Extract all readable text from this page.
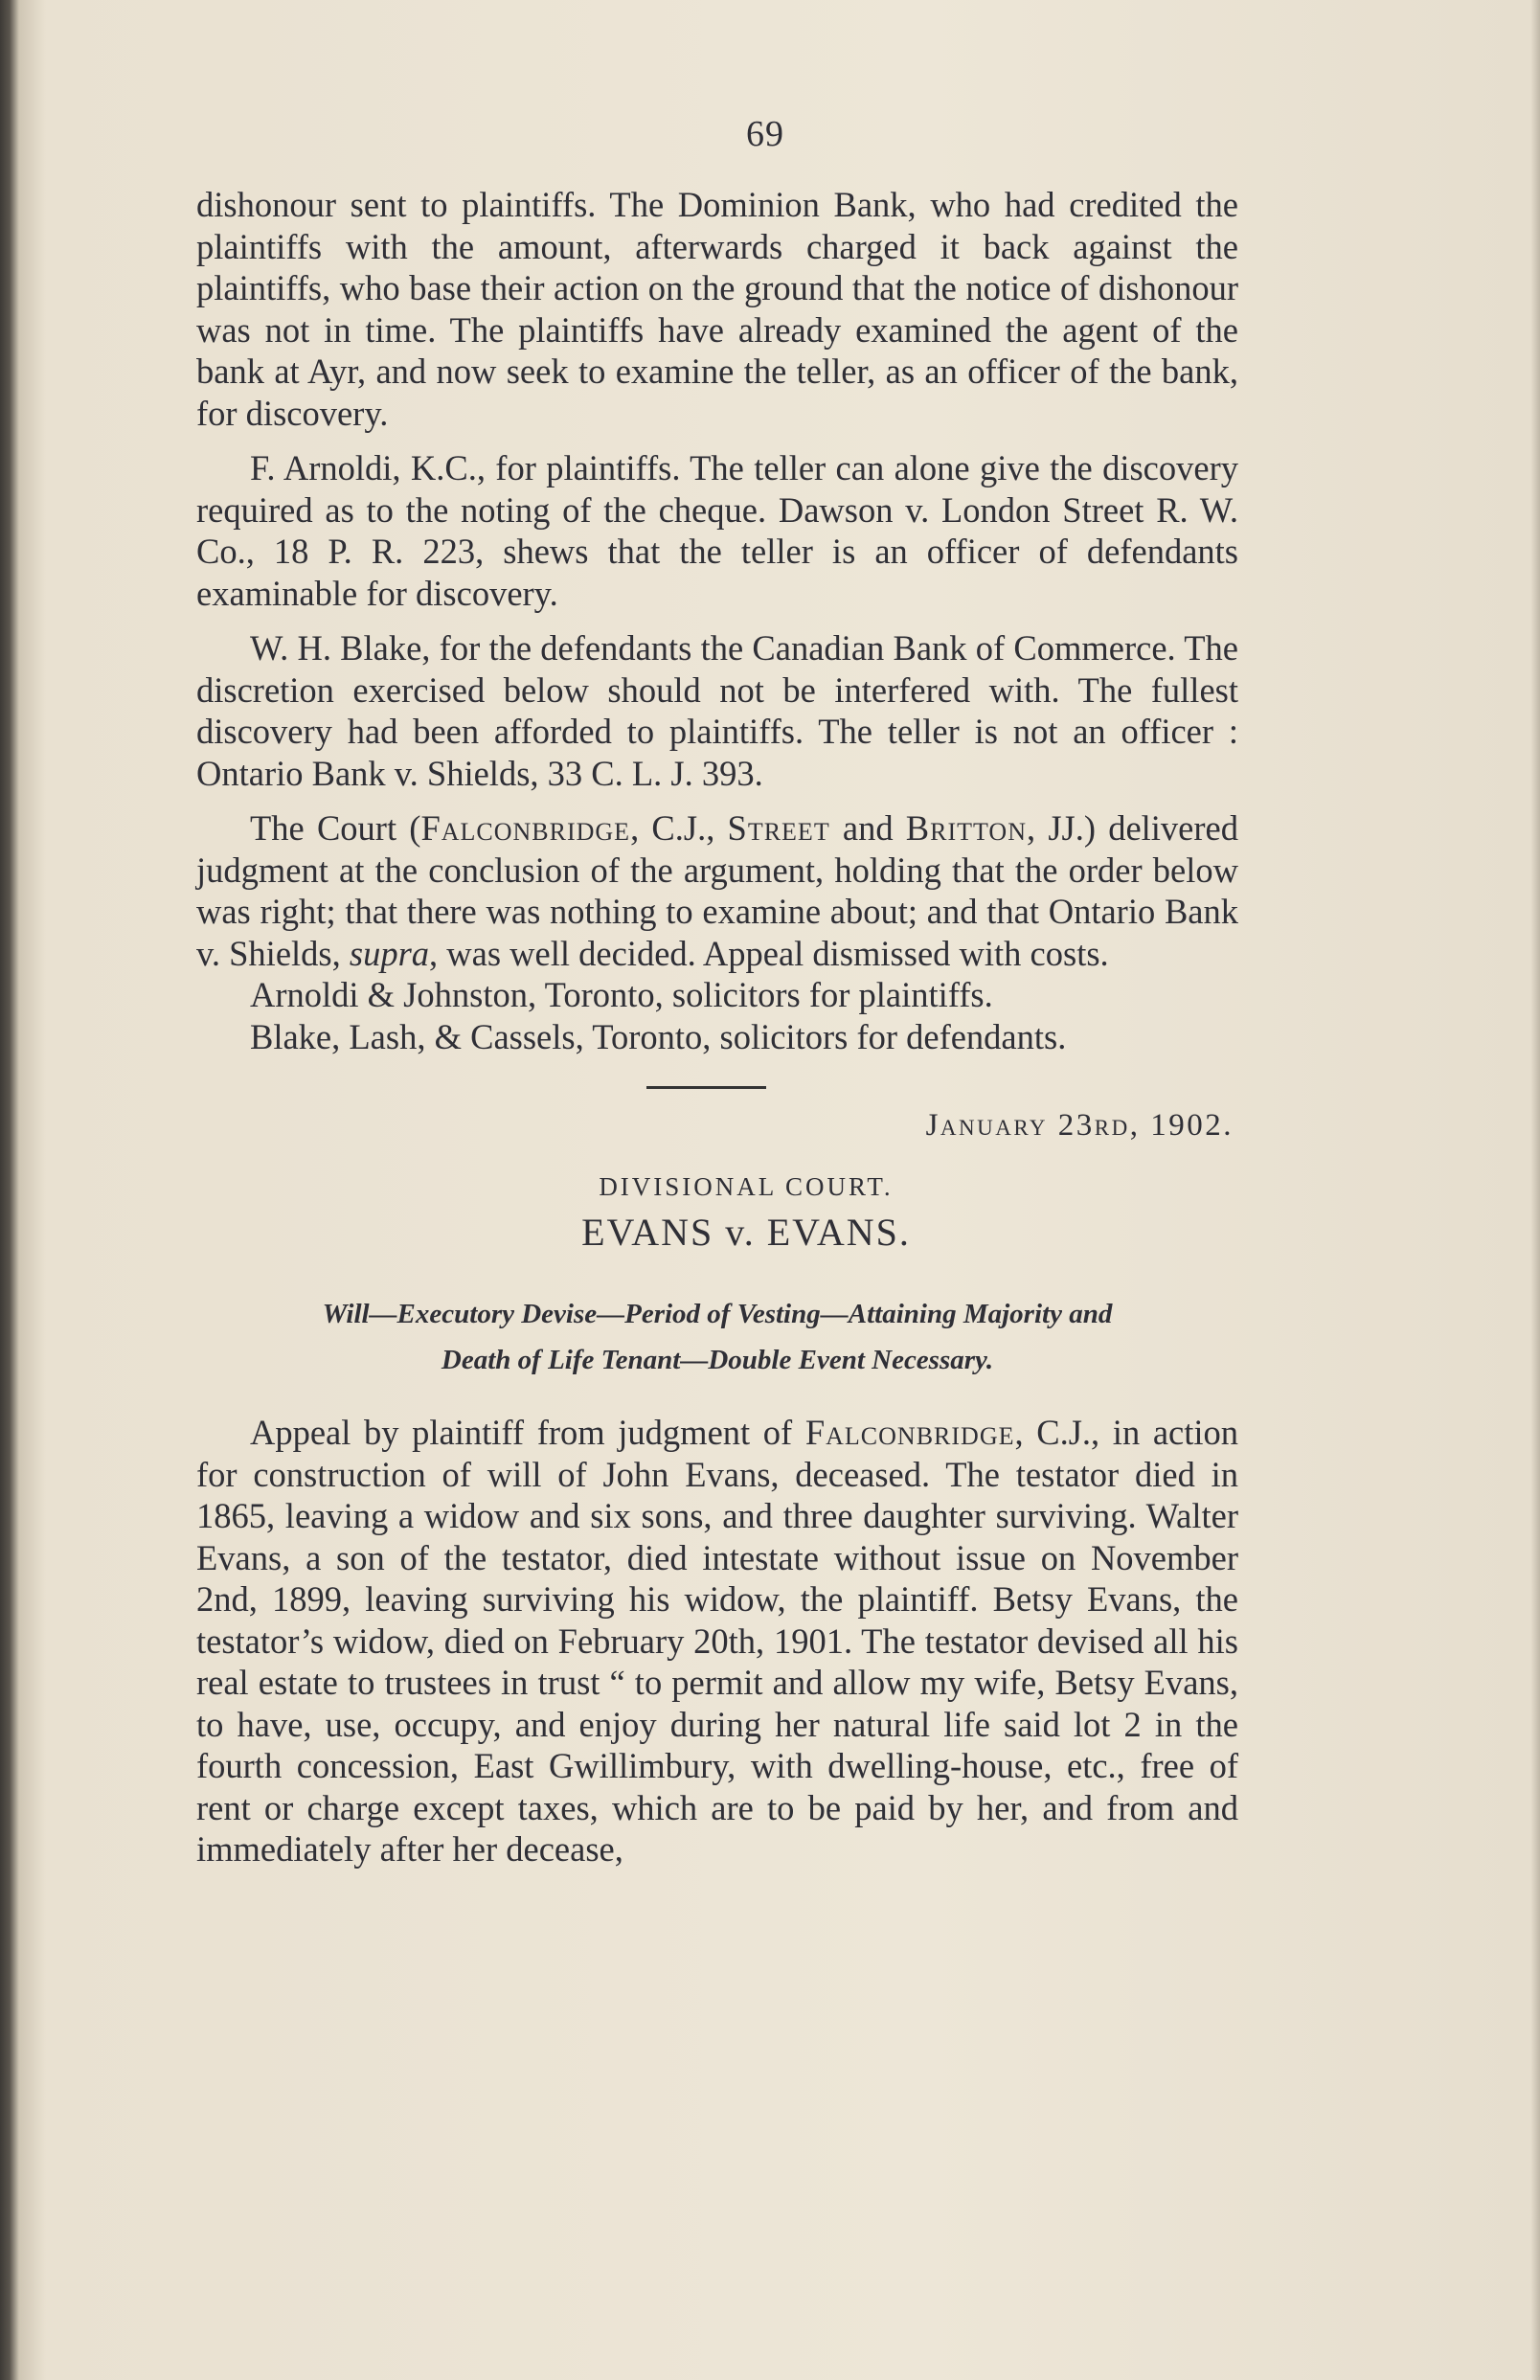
69

dishonour sent to plaintiffs. The Dominion Bank, who had credited the plaintiffs with the amount, afterwards charged it back against the plaintiffs, who base their action on the ground that the notice of dishonour was not in time. The plaintiffs have already examined the agent of the bank at Ayr, and now seek to examine the teller, as an officer of the bank, for discovery.

F. Arnoldi, K.C., for plaintiffs. The teller can alone give the discovery required as to the noting of the cheque. Dawson v. London Street R. W. Co., 18 P. R. 223, shews that the teller is an officer of defendants examinable for discovery.

W. H. Blake, for the defendants the Canadian Bank of Commerce. The discretion exercised below should not be interfered with. The fullest discovery had been afforded to plaintiffs. The teller is not an officer : Ontario Bank v. Shields, 33 C. L. J. 393.

The Court (Falconbridge, C.J., Street and Britton, JJ.) delivered judgment at the conclusion of the argument, holding that the order below was right; that there was nothing to examine about; and that Ontario Bank v. Shields, supra, was well decided. Appeal dismissed with costs.

Arnoldi & Johnston, Toronto, solicitors for plaintiffs.

Blake, Lash, & Cassels, Toronto, solicitors for defendants.

January 23rd, 1902.
DIVISIONAL COURT.
EVANS v. EVANS.
Will—Executory Devise—Period of Vesting—Attaining Majority and
Death of Life Tenant—Double Event Necessary.

Appeal by plaintiff from judgment of Falconbridge, C.J., in action for construction of will of John Evans, deceased. The testator died in 1865, leaving a widow and six sons, and three daughter surviving. Walter Evans, a son of the testator, died intestate without issue on November 2nd, 1899, leaving surviving his widow, the plaintiff. Betsy Evans, the testator’s widow, died on February 20th, 1901. The testator devised all his real estate to trustees in trust “ to permit and allow my wife, Betsy Evans, to have, use, occupy, and enjoy during her natural life said lot 2 in the fourth concession, East Gwillimbury, with dwelling-house, etc., free of rent or charge except taxes, which are to be paid by her, and from and immediately after her decease,
